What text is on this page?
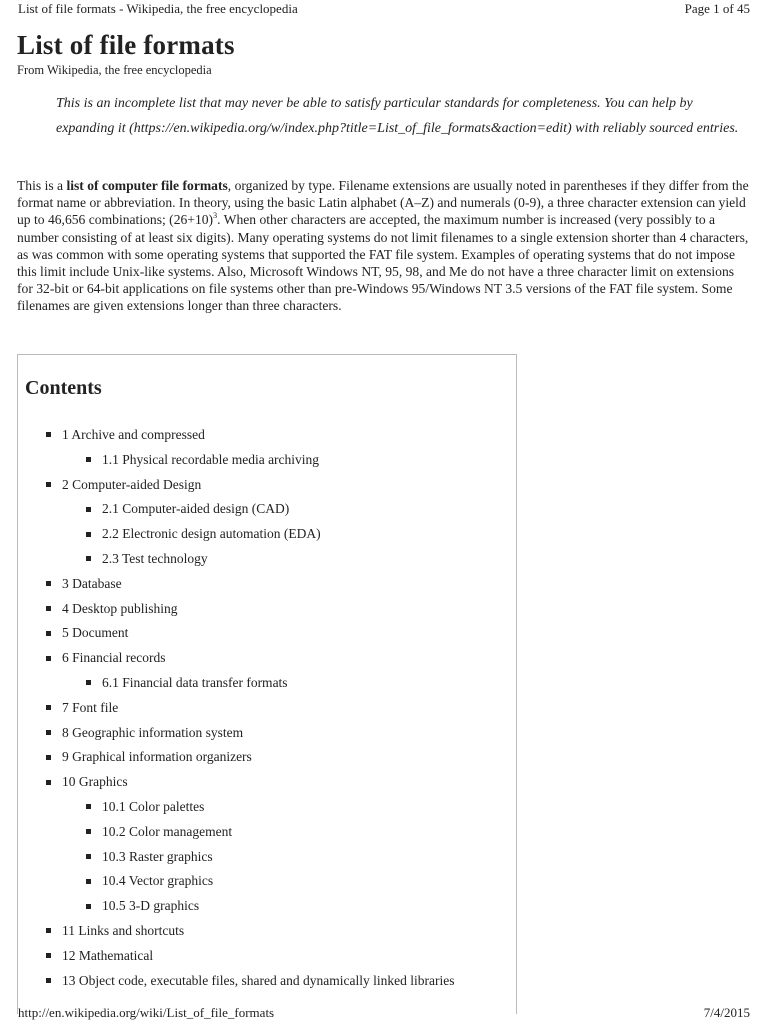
List of file formats - Wikipedia, the free encyclopedia	Page 1 of 45
List of file formats
From Wikipedia, the free encyclopedia
This is an incomplete list that may never be able to satisfy particular standards for completeness. You can help by expanding it (https://en.wikipedia.org/w/index.php?title=List_of_file_formats&action=edit) with reliably sourced entries.
This is a list of computer file formats, organized by type. Filename extensions are usually noted in parentheses if they differ from the format name or abbreviation. In theory, using the basic Latin alphabet (A–Z) and numerals (0-9), a three character extension can yield up to 46,656 combinations; $(26+10)^3$. When other characters are accepted, the maximum number is increased (very possibly to a number consisting of at least six digits). Many operating systems do not limit filenames to a single extension shorter than 4 characters, as was common with some operating systems that supported the FAT file system. Examples of operating systems that do not impose this limit include Unix-like systems. Also, Microsoft Windows NT, 95, 98, and Me do not have a three character limit on extensions for 32-bit or 64-bit applications on file systems other than pre-Windows 95/Windows NT 3.5 versions of the FAT file system. Some filenames are given extensions longer than three characters.
Contents
1 Archive and compressed
1.1 Physical recordable media archiving
2 Computer-aided Design
2.1 Computer-aided design (CAD)
2.2 Electronic design automation (EDA)
2.3 Test technology
3 Database
4 Desktop publishing
5 Document
6 Financial records
6.1 Financial data transfer formats
7 Font file
8 Geographic information system
9 Graphical information organizers
10 Graphics
10.1 Color palettes
10.2 Color management
10.3 Raster graphics
10.4 Vector graphics
10.5 3-D graphics
11 Links and shortcuts
12 Mathematical
13 Object code, executable files, shared and dynamically linked libraries
http://en.wikipedia.org/wiki/List_of_file_formats	7/4/2015
